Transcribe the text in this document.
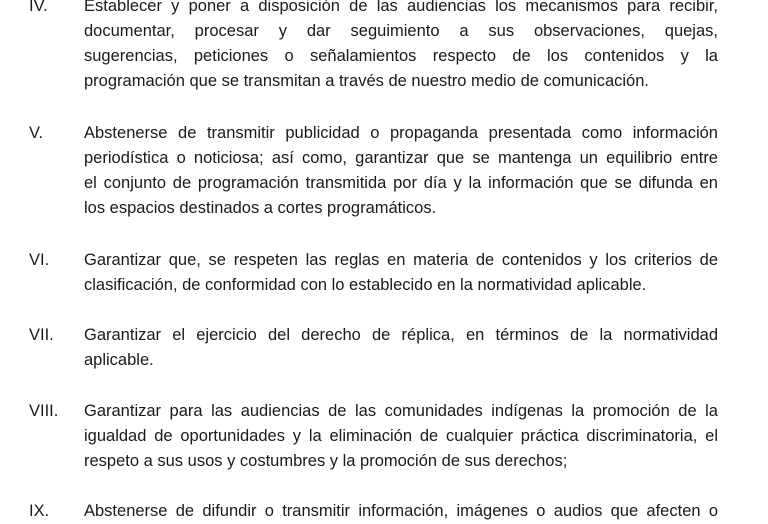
IV. Establecer y poner a disposición de las audiencias los mecanismos para recibir,
documentar, procesar y dar seguimiento a sus observaciones, quejas,
sugerencias, peticiones o señalamientos respecto de los contenidos y la
programación que se transmitan a través de nuestro medio de comunicación.
V. Abstenerse de transmitir publicidad o propaganda presentada como información
periodística o noticiosa; así como, garantizar que se mantenga un equilibrio entre
el conjunto de programación transmitida por día y la información que se difunda en
los espacios destinados a cortes programáticos.
VI. Garantizar que, se respeten las reglas en materia de contenidos y los criterios de
clasificación, de conformidad con lo establecido en la normatividad aplicable.
VII. Garantizar el ejercicio del derecho de réplica, en términos de la normatividad
aplicable.
VIII. Garantizar para las audiencias de las comunidades indígenas la promoción de la
igualdad de oportunidades y la eliminación de cualquier práctica discriminatoria, el
respeto a sus usos y costumbres y la promoción de sus derechos;
IX. Abstenerse de difundir o transmitir información, imágenes o audios que afecten o
